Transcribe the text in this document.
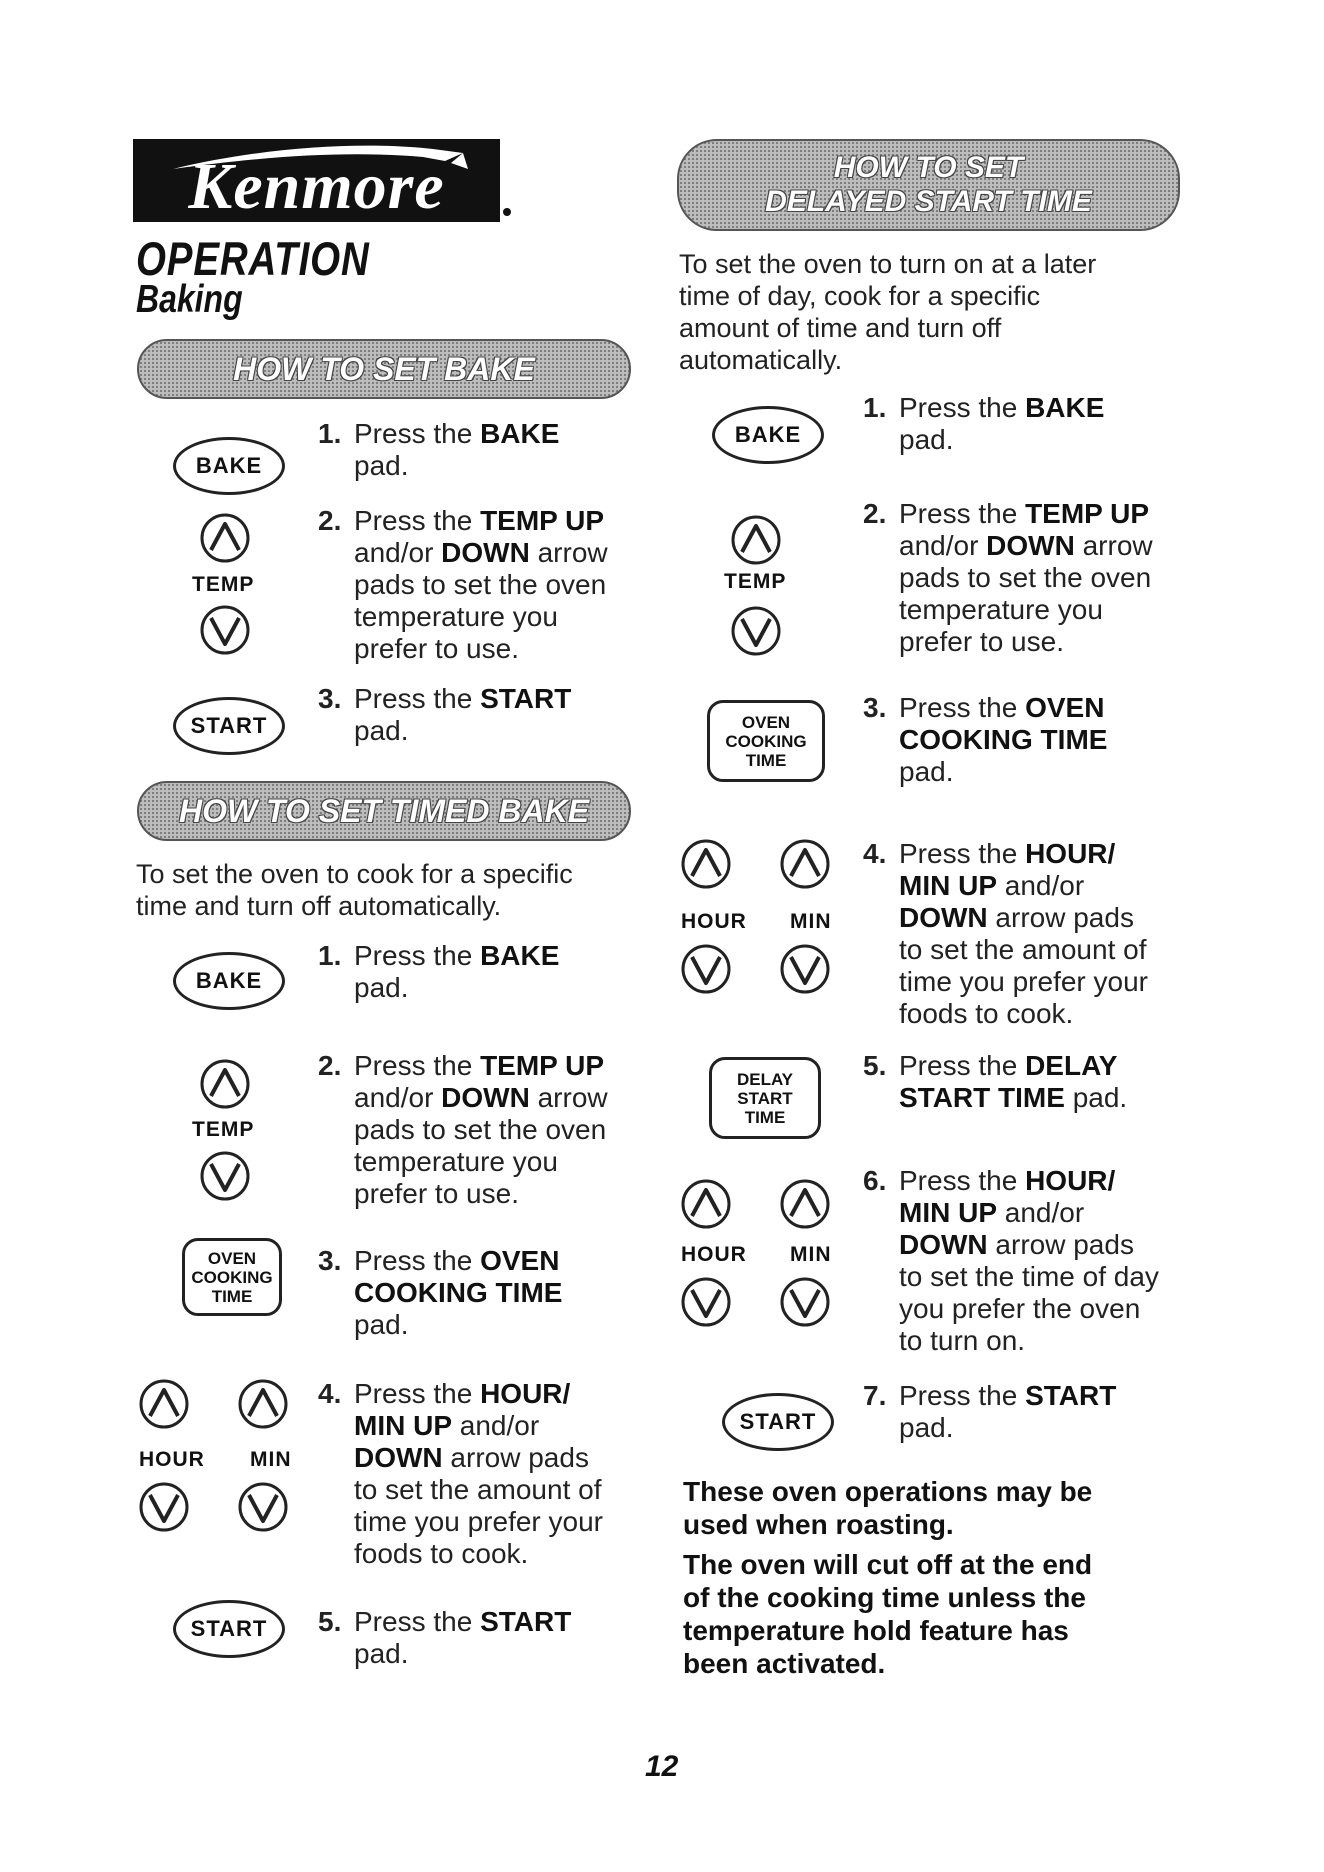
Kenmore
OPERATION
Baking
HOW TO SET BAKE
BAKE
1. Press the BAKE
pad.
TEMP
2. Press the TEMP UP
and/or DOWN arrow
pads to set the oven
temperature you
prefer to use.
START
3. Press the START
pad.
HOW TO SET TIMED BAKE
To set the oven to cook for a specific
time and turn off automatically.
BAKE
1. Press the BAKE
pad.
TEMP
2. Press the TEMP UP
and/or DOWN arrow
pads to set the oven
temperature you
prefer to use.
OVEN
COOKING
TIME
3. Press the OVEN
COOKING TIME
pad.
HOUR MIN
4. Press the HOUR/
MIN UP and/or
DOWN arrow pads
to set the amount of
time you prefer your
foods to cook.
START 5. Press the START
pad.
HOW TO SET
DELAYED START TIME
To set the oven to turn on at a later
time of day, cook for a specific
amount of time and turn off
automatically.
BAKE
1. Press the BAKE
pad.
TEMP
2. Press the TEMP UP
and/or DOWN arrow
pads to set the oven
temperature you
prefer to use.
OVEN
COOKING
TIME
3. Press the OVEN
COOKING TIME
pad.
HOUR MIN
4. Press the HOUR/
MIN UP and/or
DOWN arrow pads
to set the amount of
time you prefer your
foods to cook.
DELAY
START
TIME
5. Press the DELAY
START TIME pad.
HOUR MIN
6. Press the HOUR/
MIN UP and/or
DOWN arrow pads
to set the time of day
you prefer the oven
to turn on.
START
7. Press the START
pad.
These oven operations may be
used when roasting.
The oven will cut off at the end
of the cooking time unless the
temperature hold feature has
been activated.
12
